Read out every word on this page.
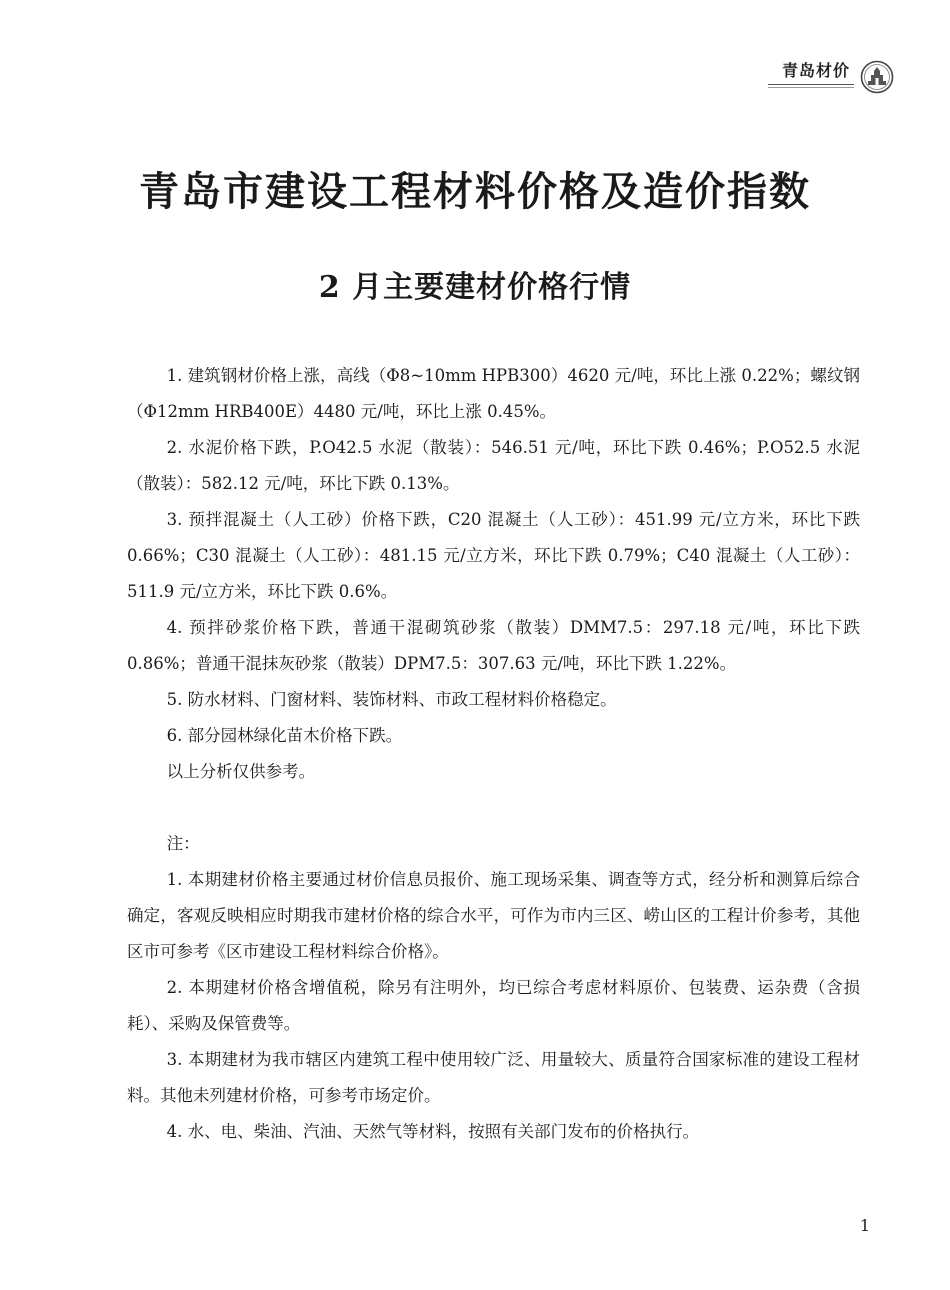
青岛材价
青岛市建设工程材料价格及造价指数
2 月主要建材价格行情

1. 建筑钢材价格上涨，高线（Φ8~10mm HPB300）4620 元/吨，环比上涨 0.22%；螺纹钢（Φ12mm HRB400E）4480 元/吨，环比上涨 0.45%。

2. 水泥价格下跌，P.O42.5 水泥（散装）：546.51 元/吨，环比下跌 0.46%；P.O52.5 水泥（散装）：582.12 元/吨，环比下跌 0.13%。

3. 预拌混凝土（人工砂）价格下跌，C20 混凝土（人工砂）：451.99 元/立方米，环比下跌 0.66%；C30 混凝土（人工砂）：481.15 元/立方米，环比下跌 0.79%；C40 混凝土（人工砂）：511.9 元/立方米，环比下跌 0.6%。

4. 预拌砂浆价格下跌，普通干混砌筑砂浆（散装）DMM7.5：297.18 元/吨，环比下跌 0.86%；普通干混抹灰砂浆（散装）DPM7.5：307.63 元/吨，环比下跌 1.22%。

5. 防水材料、门窗材料、装饰材料、市政工程材料价格稳定。

6. 部分园林绿化苗木价格下跌。

以上分析仅供参考。

注：

1. 本期建材价格主要通过材价信息员报价、施工现场采集、调查等方式，经分析和测算后综合确定，客观反映相应时期我市建材价格的综合水平，可作为市内三区、崂山区的工程计价参考，其他区市可参考《区市建设工程材料综合价格》。

2. 本期建材价格含增值税，除另有注明外，均已综合考虑材料原价、包装费、运杂费（含损耗）、采购及保管费等。

3. 本期建材为我市辖区内建筑工程中使用较广泛、用量较大、质量符合国家标准的建设工程材料。其他未列建材价格，可参考市场定价。

4. 水、电、柴油、汽油、天然气等材料，按照有关部门发布的价格执行。

1
